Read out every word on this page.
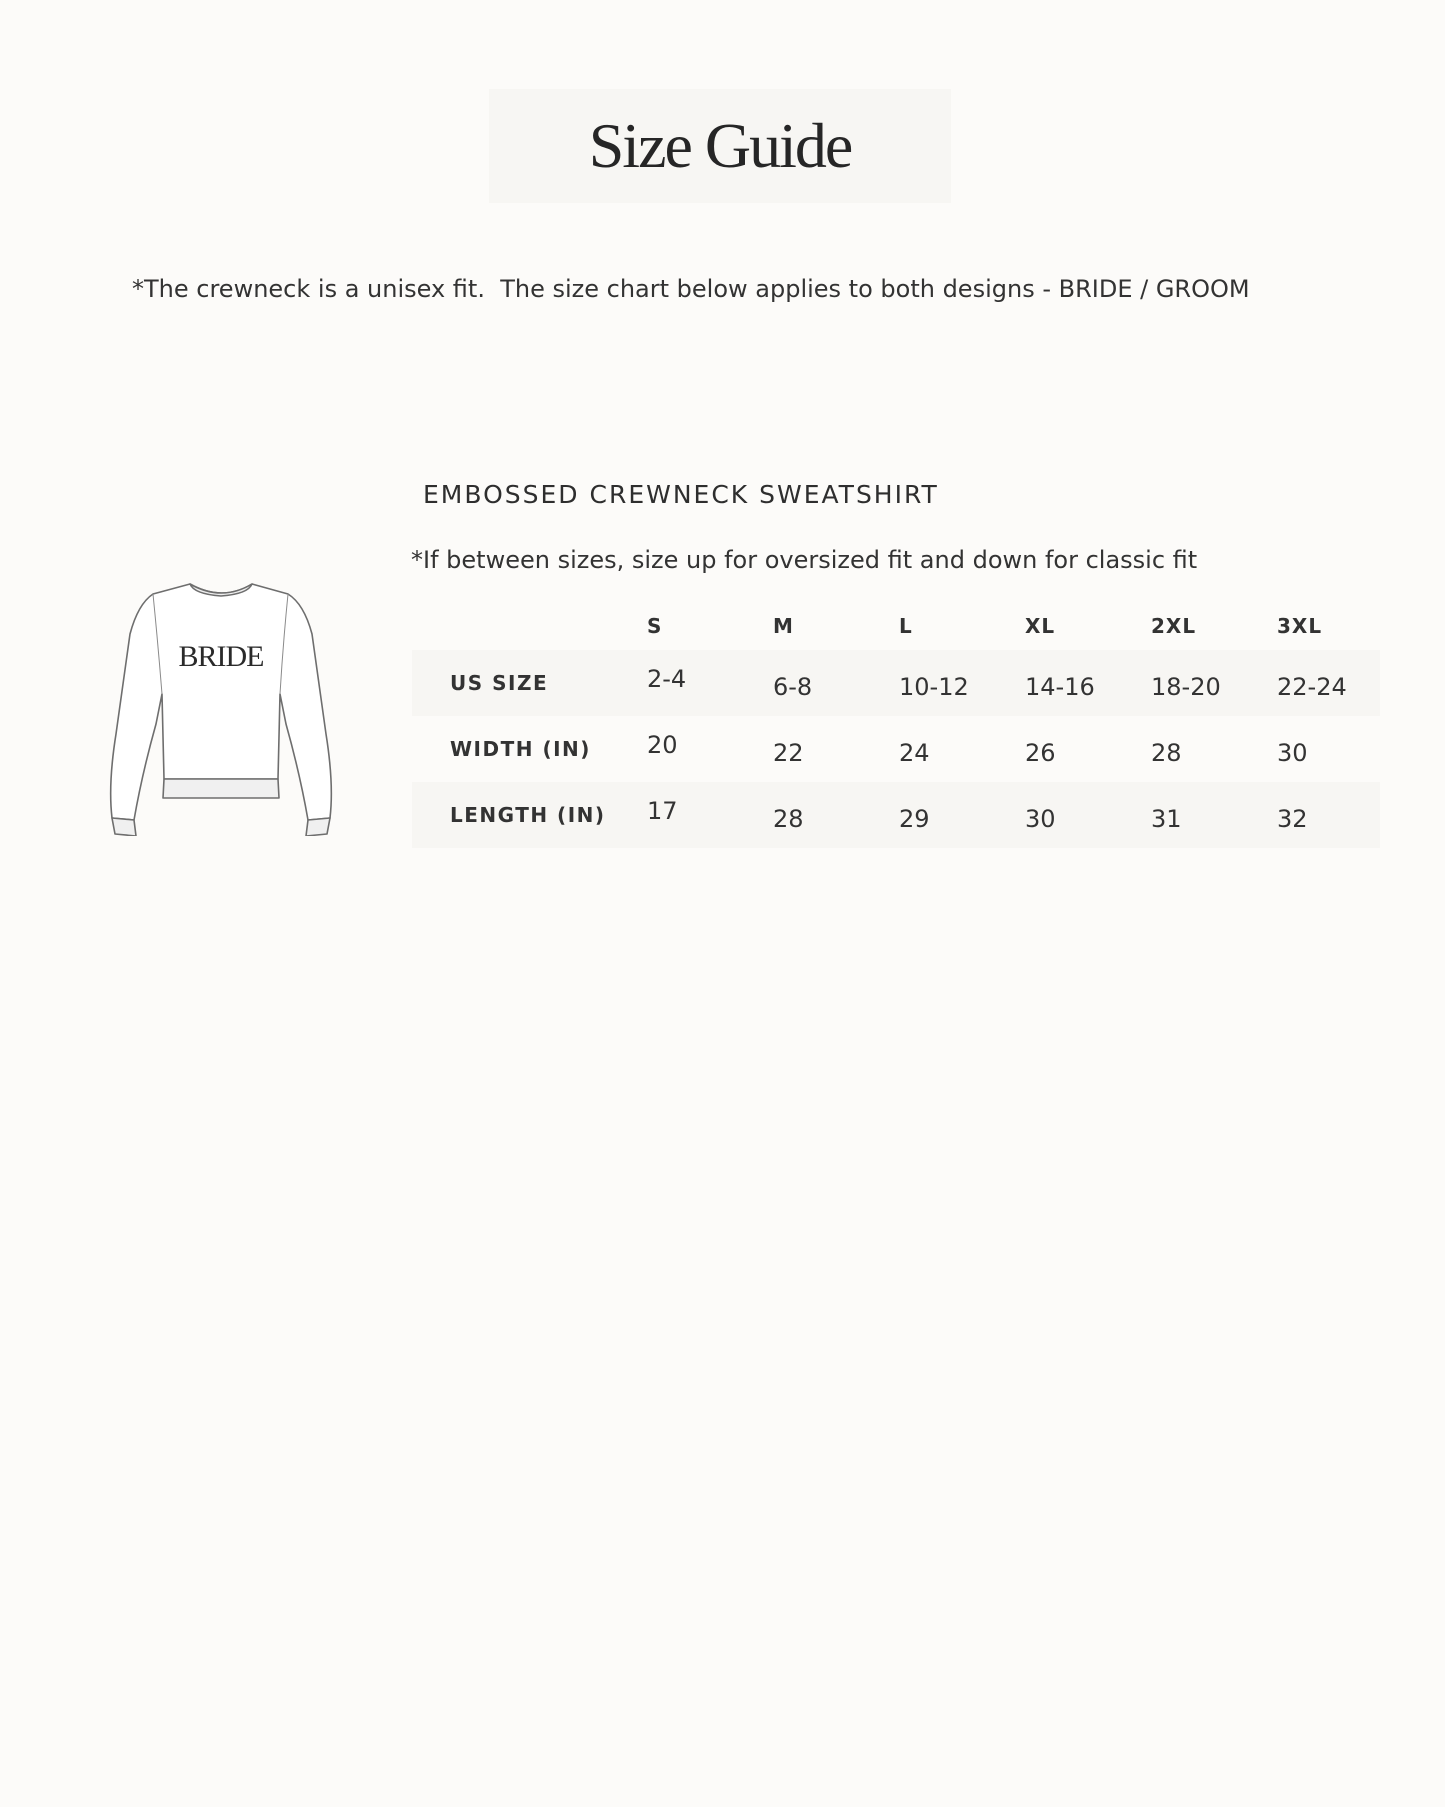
Size Guide
*The crewneck is a unisex fit.  The size chart below applies to both designs - BRIDE / GROOM
EMBOSSED CREWNECK SWEATSHIRT
*If between sizes, size up for oversized fit and down for classic fit
BRIDE
S	M	L	XL	2XL	3XL
US SIZE	2-4	6-8	10-12 14-16 18-20 22-24
WIDTH (IN) 20	22	24	26	28	30
LENGTH (IN) 17	28	29	30	31	32
